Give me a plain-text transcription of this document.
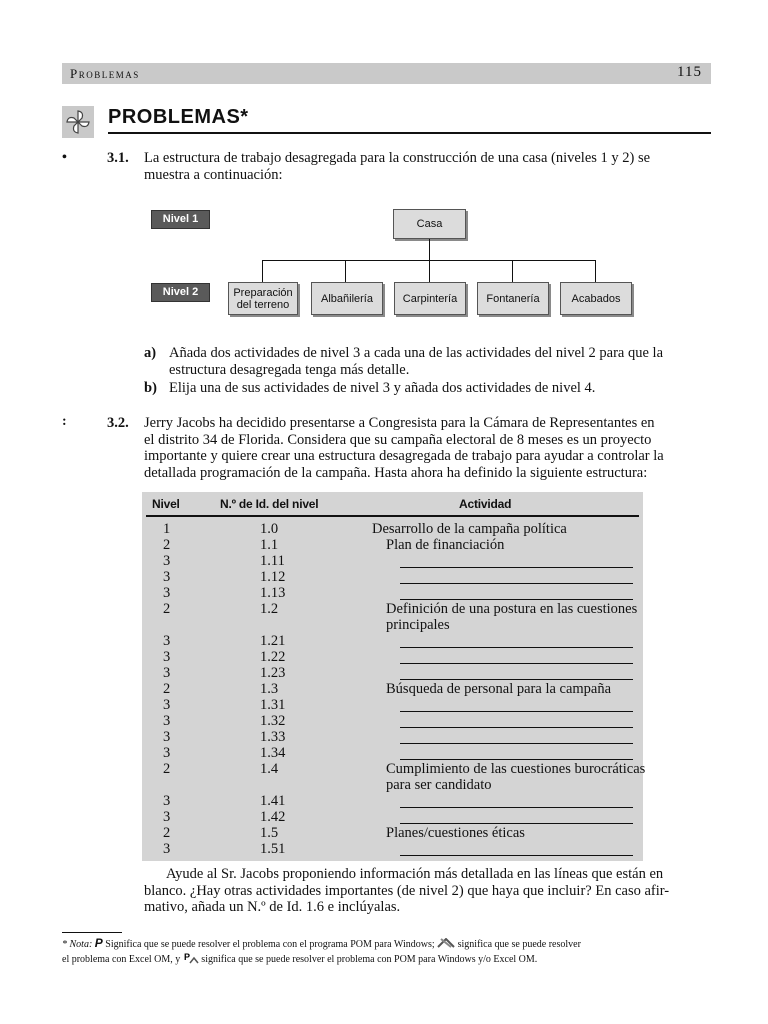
Problemas	115
PROBLEMAS*
•	3.1. La estructura de trabajo desagregada para la construcción de una casa (niveles 1 y 2) se
muestra a continuación:
Nivel 1
Nivel 2
Casa
Preparación
del terreno	Albañilería	Carpintería	Fontanería	Acabados
a) Añada dos actividades de nivel 3 a cada una de las actividades del nivel 2 para que la
estructura desagregada tenga más detalle.
b) Elija una de sus actividades de nivel 3 y añada dos actividades de nivel 4.
:	3.2. Jerry Jacobs ha decidido presentarse a Congresista para la Cámara de Representantes en
el distrito 34 de Florida. Considera que su campaña electoral de 8 meses es un proyecto
importante y quiere crear una estructura desagregada de trabajo para ayudar a controlar la
detallada programación de la campaña. Hasta ahora ha definido la siguiente estructura:
Nivel	N.º de Id. del nivel	Actividad
1	1.0	Desarrollo de la campaña política
2	1.1	Plan de financiación
3	1.11
3	1.12
3	1.13
2	1.2	Definición de una postura en las cuestiones
principales
3	1.21
3	1.22
3	1.23
2	1.3	Búsqueda de personal para la campaña
3	1.31
3	1.32
3	1.33
3	1.34
2	1.4	Cumplimiento de las cuestiones burocráticas
para ser candidato
3	1.41
3	1.42
2	1.5	Planes/cuestiones éticas
3	1.51
Ayude al Sr. Jacobs proponiendo información más detallada en las líneas que están en
blanco. ¿Hay otras actividades importantes (de nivel 2) que haya que incluir? En caso afir-
mativo, añada un N.º de Id. 1.6 e inclúyalas.
* Nota: P Significa que se puede resolver el problema con el programa POM para Windows; significa que se puede resolver
el problema con Excel OM, y P significa que se puede resolver el problema con POM para Windows y/o Excel OM.
